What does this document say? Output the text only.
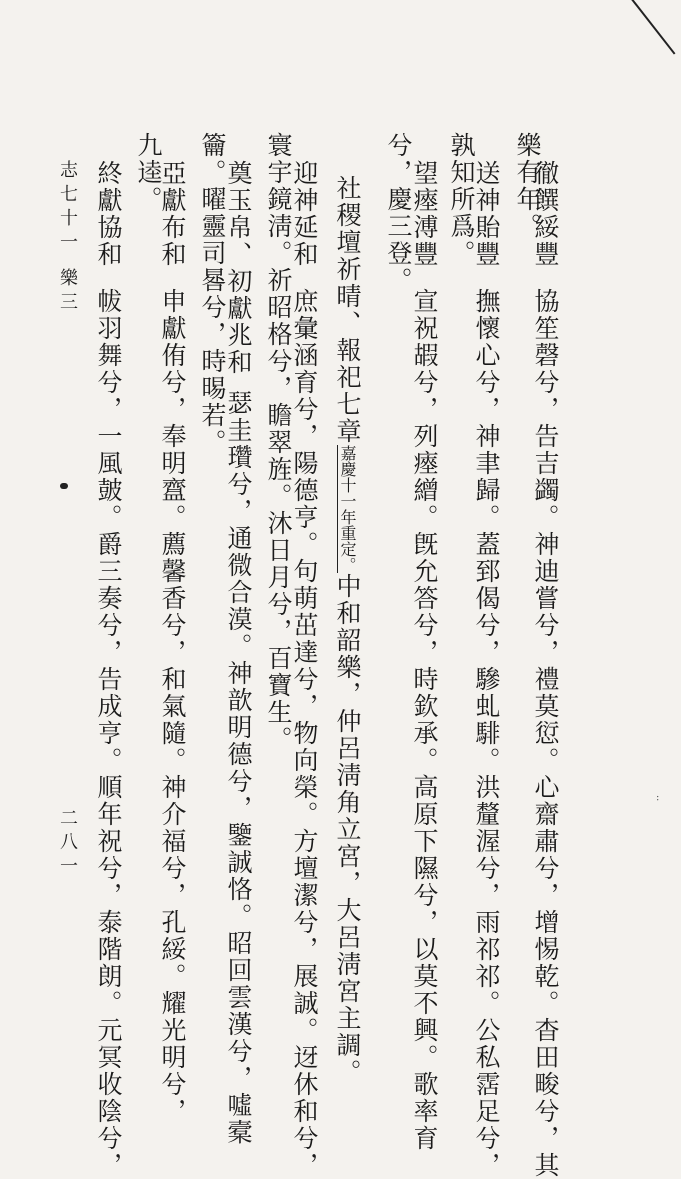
徹饌綏豐協笙磬兮，告吉蠲。神迪嘗兮，禮莫愆。心齋肅兮，增惕乾。杳田畯兮，其
樂有年。
送神貽豐撫懷心兮，神聿歸。蓋郅偈兮，驂虬騑。洪釐渥兮，雨祁祁。公私霑足兮，
孰知所爲。
望瘞溥豐宣祝嘏兮，列瘞繒。旣允答兮，時欽承。高原下隰兮，以莫不興。歌率育
兮，慶三登。
社稷壇祈晴、報祀七章嘉慶十一年重定。中和韶樂，仲呂淸角立宮，大呂淸宮主調。
迎神延和庶彙涵育兮，陽德亨。句萌茁達兮，物向榮。方壇潔兮，展誠。迓休和兮，
寰宇鏡淸。祈昭格兮，瞻翠旌。沐日月兮，百寶生。
奠玉帛、初獻兆和瑟圭瓚兮，通微合漠。神歆明德兮，鑒誠恪。昭回雲漢兮，噓槖
籥。曜靈司晷兮，時晹若。
亞獻布和申獻侑兮，奉明齍。薦馨香兮，和氣隨。神介福兮，孔綏。耀光明兮，
九逵。
終獻協和帗羽舞兮，一風皷。爵三奏兮，告成亨。順年祝兮，泰階朗。元冥收陰兮，
志七十一
樂三
二八一
··
